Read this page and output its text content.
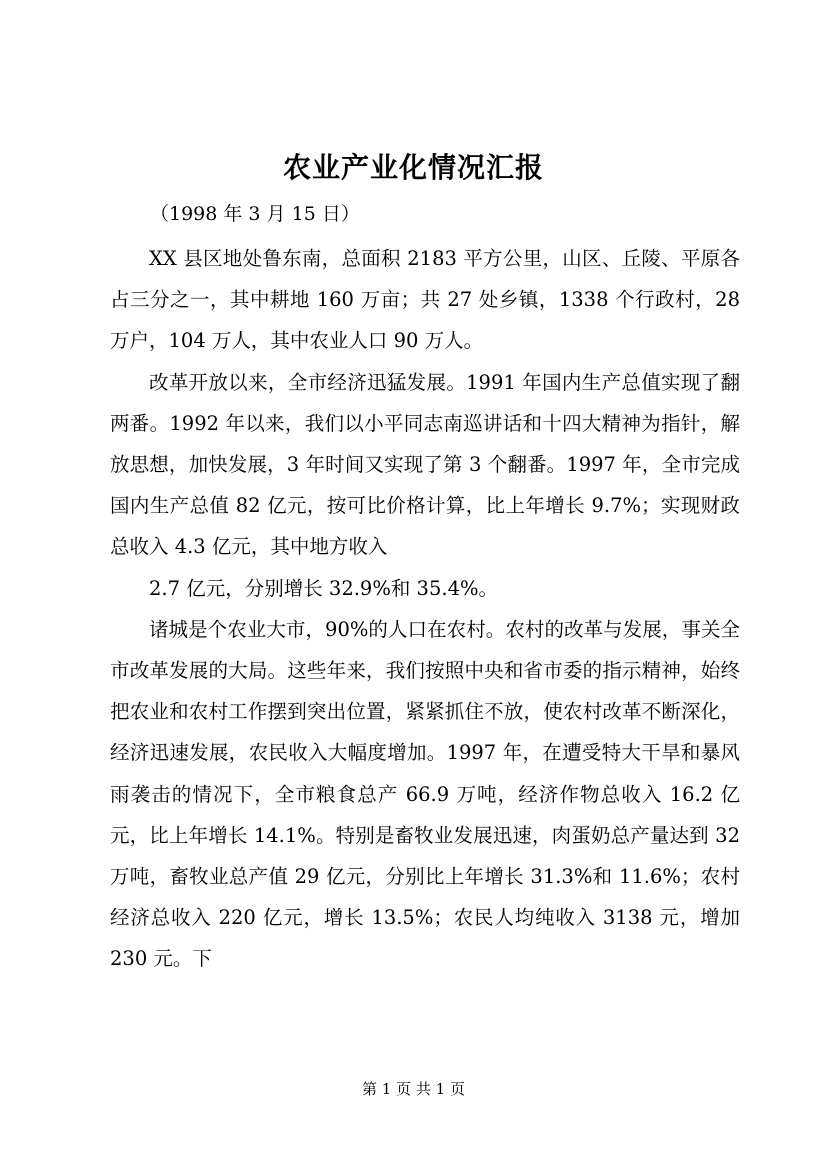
农业产业化情况汇报
（1998 年 3 月 15 日）

XX 县区地处鲁东南，总面积 2183 平方公里，山区、丘陵、平原各占三分之一，其中耕地 160 万亩；共 27 处乡镇，1338 个行政村，28 万户，104 万人，其中农业人口 90 万人。

改革开放以来，全市经济迅猛发展。1991 年国内生产总值实现了翻两番。1992 年以来，我们以小平同志南巡讲话和十四大精神为指针，解放思想，加快发展，3 年时间又实现了第 3 个翻番。1997 年，全市完成国内生产总值 82 亿元，按可比价格计算，比上年增长 9.7%；实现财政总收入 4.3 亿元，其中地方收入

2.7 亿元，分别增长 32.9%和 35.4%。

诸城是个农业大市，90%的人口在农村。农村的改革与发展，事关全市改革发展的大局。这些年来，我们按照中央和省市委的指示精神，始终把农业和农村工作摆到突出位置，紧紧抓住不放，使农村改革不断深化，经济迅速发展，农民收入大幅度增加。1997 年，在遭受特大干旱和暴风雨袭击的情况下，全市粮食总产 66.9 万吨，经济作物总收入 16.2 亿元，比上年增长 14.1%。特别是畜牧业发展迅速，肉蛋奶总产量达到 32 万吨，畜牧业总产值 29 亿元，分别比上年增长 31.3%和 11.6%；农村经济总收入 220 亿元，增长 13.5%；农民人均纯收入 3138 元，增加 230 元。下

第 1 页 共 1 页
